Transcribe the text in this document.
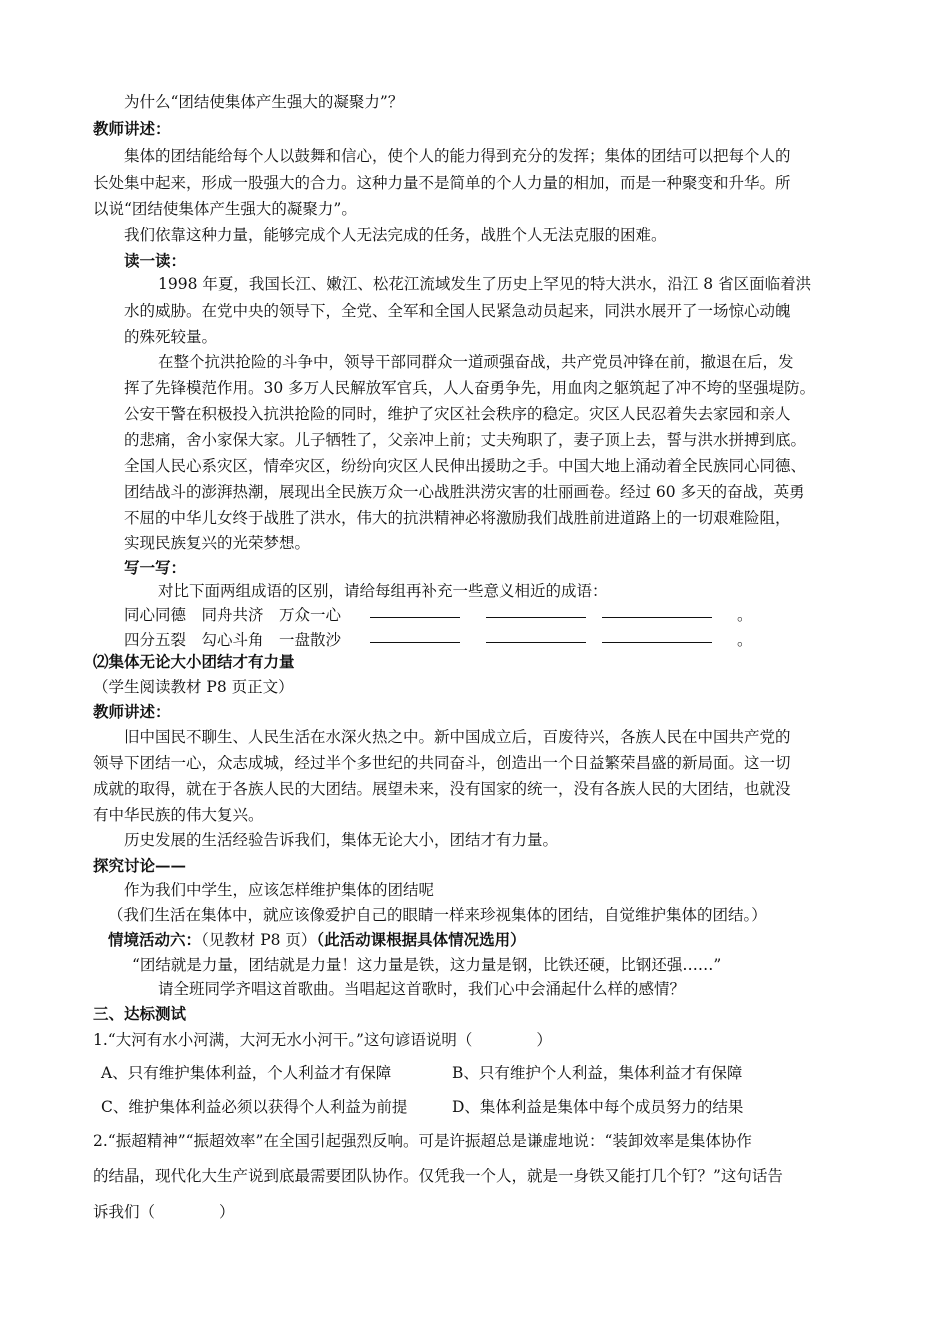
为什么“团结使集体产生强大的凝聚力”？
教师讲述：
集体的团结能给每个人以鼓舞和信心，使个人的能力得到充分的发挥；集体的团结可以把每个人的
长处集中起来，形成一股强大的合力。这种力量不是简单的个人力量的相加，而是一种聚变和升华。所
以说“团结使集体产生强大的凝聚力”。
我们依靠这种力量，能够完成个人无法完成的任务，战胜个人无法克服的困难。
读一读：
1998 年夏，我国长江、嫩江、松花江流域发生了历史上罕见的特大洪水，沿江 8 省区面临着洪
水的威胁。在党中央的领导下，全党、全军和全国人民紧急动员起来，同洪水展开了一场惊心动魄
的殊死较量。
在整个抗洪抢险的斗争中，领导干部同群众一道顽强奋战，共产党员冲锋在前，撤退在后，发
挥了先锋模范作用。30 多万人民解放军官兵，人人奋勇争先，用血肉之躯筑起了冲不垮的坚强堤防。
公安干警在积极投入抗洪抢险的同时，维护了灾区社会秩序的稳定。灾区人民忍着失去家园和亲人
的悲痛，舍小家保大家。儿子牺牲了，父亲冲上前；丈夫殉职了，妻子顶上去，誓与洪水拼搏到底。
全国人民心系灾区，情牵灾区，纷纷向灾区人民伸出援助之手。中国大地上涌动着全民族同心同德、
团结战斗的澎湃热潮，展现出全民族万众一心战胜洪涝灾害的壮丽画卷。经过 60 多天的奋战，英勇
不屈的中华儿女终于战胜了洪水，伟大的抗洪精神必将激励我们战胜前进道路上的一切艰难险阻，
实现民族复兴的光荣梦想。
写一写：
对比下面两组成语的区别，请给每组再补充一些意义相近的成语：
同心同德　同舟共济　万众一心	。
四分五裂　勾心斗角　一盘散沙	。
⑵集体无论大小团结才有力量
（学生阅读教材 P8 页正文）
教师讲述：
旧中国民不聊生、人民生活在水深火热之中。新中国成立后，百废待兴，各族人民在中国共产党的
领导下团结一心，众志成城，经过半个多世纪的共同奋斗，创造出一个日益繁荣昌盛的新局面。这一切
成就的取得，就在于各族人民的大团结。展望未来，没有国家的统一，没有各族人民的大团结，也就没
有中华民族的伟大复兴。
历史发展的生活经验告诉我们，集体无论大小，团结才有力量。
探究讨论——
作为我们中学生，应该怎样维护集体的团结呢
（我们生活在集体中，就应该像爱护自己的眼睛一样来珍视集体的团结，自觉维护集体的团结。）
情境活动六：（见教材 P8 页）（此活动课根据具体情况选用）
“团结就是力量，团结就是力量！这力量是铁，这力量是钢，比铁还硬，比钢还强……”
请全班同学齐唱这首歌曲。当唱起这首歌时，我们心中会涌起什么样的感情？
三、达标测试
1.“大河有水小河满，大河无水小河干。”这句谚语说明（	）
A、只有维护集体利益，个人利益才有保障	B、只有维护个人利益，集体利益才有保障
C、维护集体利益必须以获得个人利益为前提	D、集体利益是集体中每个成员努力的结果
2.“振超精神”“振超效率”在全国引起强烈反响。可是许振超总是谦虚地说：“装卸效率是集体协作
的结晶，现代化大生产说到底最需要团队协作。仅凭我一个人，就是一身铁又能打几个钉？”这句话告
诉我们（	）
